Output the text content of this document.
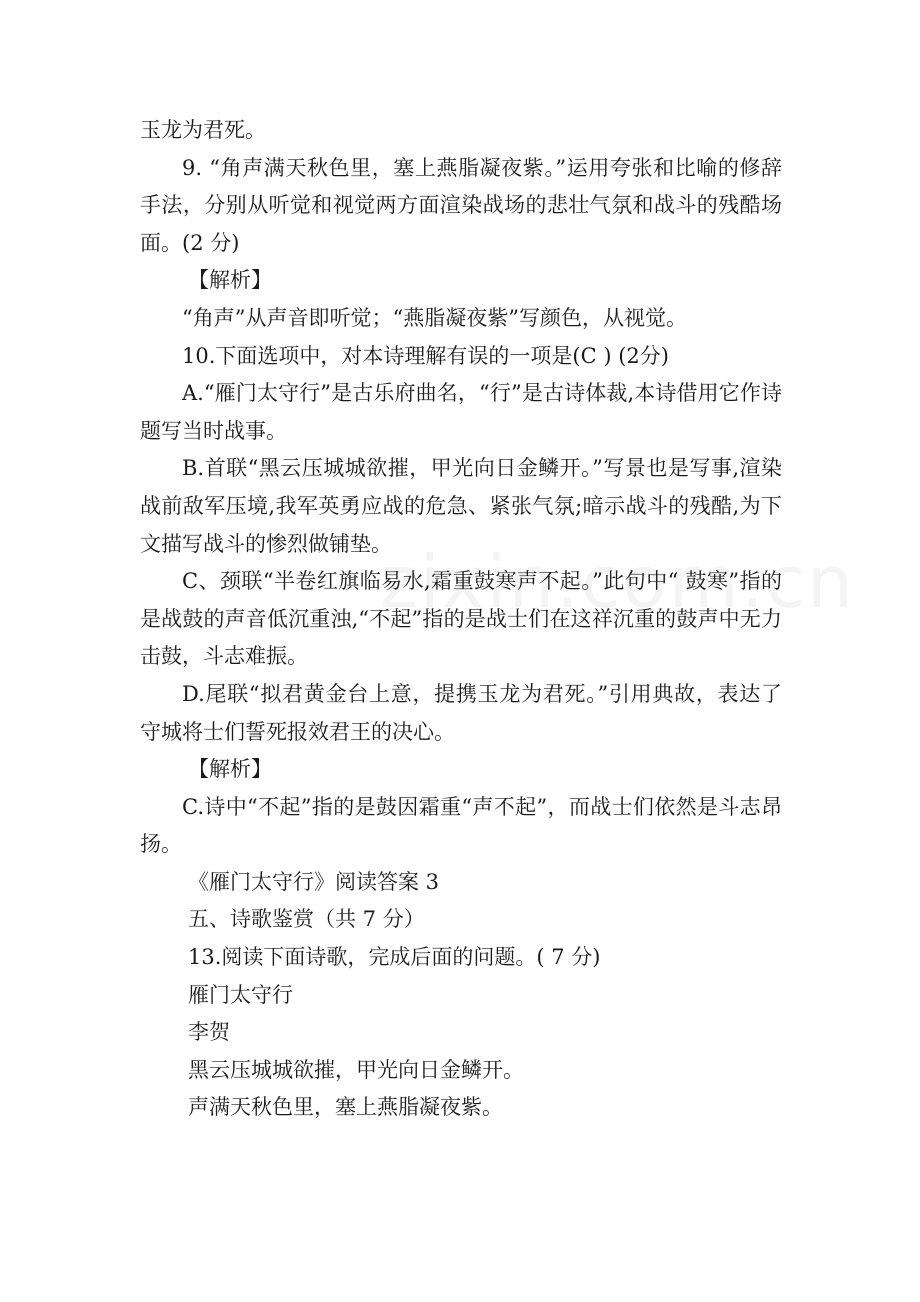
玉龙为君死。

9. “角声满天秋色里，塞上燕脂凝夜紫。”运用夸张和比喻的修辞手法，分别从听觉和视觉两方面渲染战场的悲壮气氛和战斗的残酷场面。(2 分)

【解析】

“角声”从声音即听觉；“燕脂凝夜紫”写颜色，从视觉。

10.下面选项中，对本诗理解有误的一项是(C ) (2分)

A.“雁门太守行”是古乐府曲名，“行”是古诗体裁,本诗借用它作诗题写当时战事。

B.首联“黑云压城城欲摧，甲光向日金鳞开。”写景也是写事,渲染战前敌军压境,我军英勇应战的危急、紧张气氛;暗示战斗的残酷,为下文描写战斗的惨烈做铺垫。

C、颈联“半卷红旗临易水,霜重鼓寒声不起。”此句中“ 鼓寒”指的是战鼓的声音低沉重浊,“不起”指的是战士们在这祥沉重的鼓声中无力击鼓，斗志难振。

D.尾联“拟君黄金台上意，提携玉龙为君死。”引用典故，表达了守城将士们誓死报效君王的决心。

【解析】

C.诗中“不起”指的是鼓因霜重“声不起”，而战士们依然是斗志昂扬。

《雁门太守行》阅读答案 3

五、诗歌鉴赏（共 7 分）

13.阅读下面诗歌，完成后面的问题。( 7 分)

雁门太守行

李贺

黑云压城城欲摧，甲光向日金鳞开。

声满天秋色里，塞上燕脂凝夜紫。
